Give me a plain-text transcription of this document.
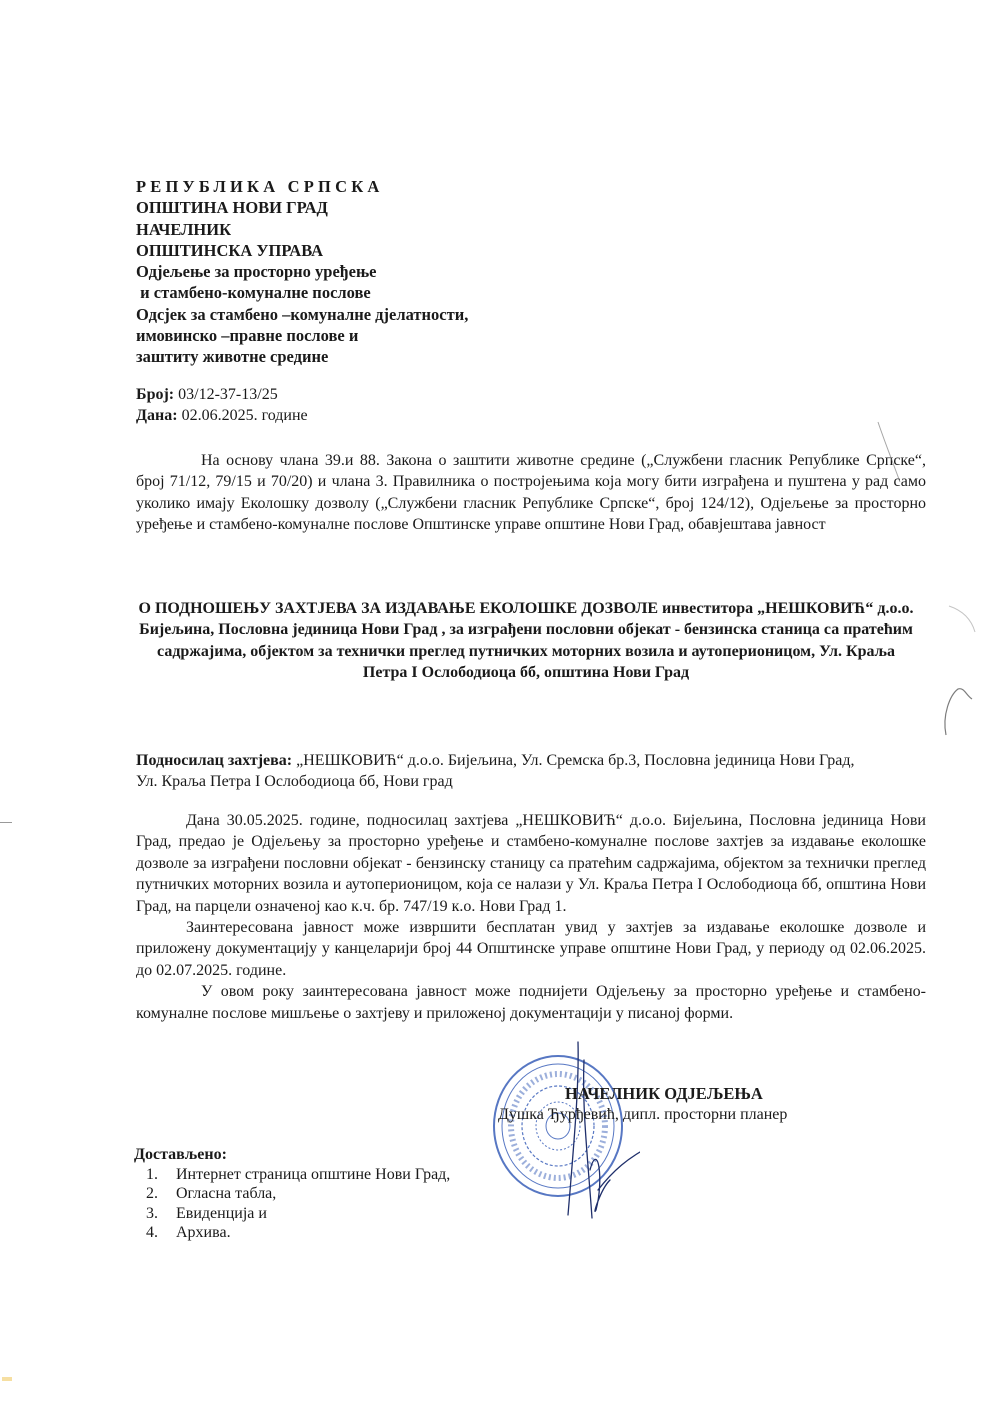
РЕПУБЛИКА СРПСКА
ОПШТИНА НОВИ ГРАД
НАЧЕЛНИК
ОПШТИНСКА УПРАВА
Одјељење за просторно уређење
и стамбено-комуналне послове
Одсјек за стамбено –комуналне дјелатности,
имовинско –правне послове и
заштиту животне средине
Број: 03/12-37-13/25
Дана: 02.06.2025. године
На основу члана 39.и 88. Закона о заштити животне средине („Службени гласник Републике Српске“, број 71/12, 79/15 и 70/20) и члана 3. Правилника о постројењима која могу бити изграђена и пуштена у рад само уколико имају Еколошку дозволу („Службени гласник Републике Српске“, број 124/12), Одјељење за просторно уређење и стамбено-комуналне послове Општинске управе општине Нови Град, обавјештава јавност
О ПОДНОШЕЊУ ЗАХТЈЕВА ЗА ИЗДАВАЊЕ ЕКОЛОШКЕ ДОЗВОЛЕ инвеститора „НЕШКОВИЋ“ д.о.о. Бијељина, Пословна јединица Нови Град , за изграђени пословни објекат - бензинска станица са пратећим садржајима, објектом за технички преглед путничких моторних возила и аутоперионицом, Ул. Краља Петра I Ослободиоца бб, општина Нови Град
Подносилац захтјева: „НЕШКОВИЋ“ д.о.о. Бијељина, Ул. Сремска бр.3, Пословна јединица Нови Град, Ул. Краља Петра I Ослободиоца бб, Нови град

Дана 30.05.2025. године, подносилац захтјева „НЕШКОВИЋ“ д.о.о. Бијељина, Пословна јединица Нови Град, предао је Одјељењу за просторно уређење и стамбено-комуналне послове захтјев за издавање еколошке дозволе за изграђени пословни објекат - бензинску станицу са пратећим садржајима, објектом за технички преглед путничких моторних возила и аутоперионицом, која се налази у Ул. Краља Петра I Ослободиоца бб, општина Нови Град, на парцели означеној као к.ч. бр. 747/19 к.о. Нови Град 1.

Заинтересована јавност може извршити бесплатан увид у захтјев за издавање еколошке дозволе и приложену документацију у канцеларији број 44 Општинске управе општине Нови Град, у периоду од 02.06.2025. до 02.07.2025. године.

У овом року заинтересована јавност може поднијети Одјељењу за просторно уређење и стамбено-комуналне послове мишљење о захтјеву и приложеној документацији у писаној форми.

НАЧЕЛНИК ОДЈЕЉЕЊА
Душка Ђурђевић, дипл. просторни планер
Достављено:
1.	Интернет страница општине Нови Град,
2.	Огласна табла,
3.	Евиденција и
4.	Архива.
